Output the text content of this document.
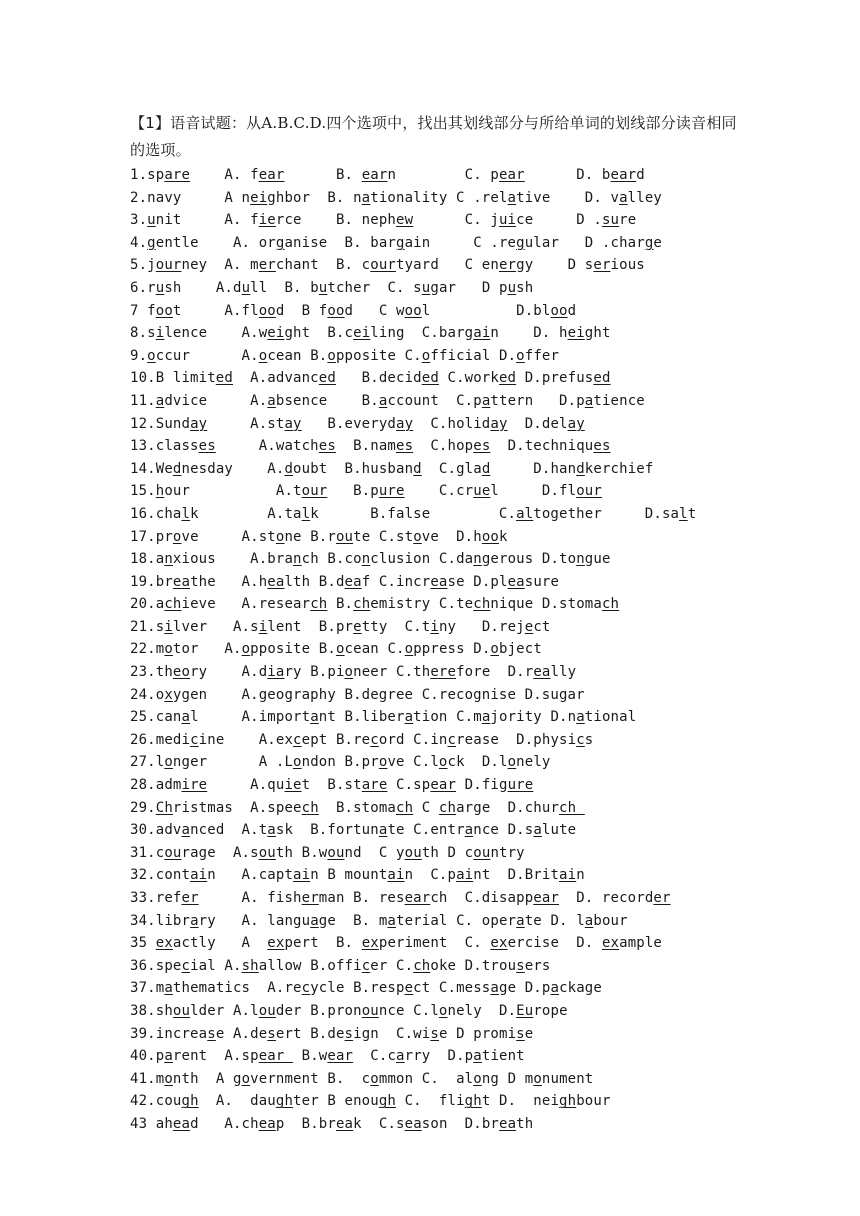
【1】语音试题：从A.B.C.D.四个选项中，找出其划线部分与所给单词的划线部分读音相同的选项。
1.spare    A. fear      B. earn        C. pear      D. beard
2.navy     A neighbor  B. nationality C .relative    D. valley
3.unit     A. fierce    B. nephew      C. juice     D .sure
4.gentle    A. organise  B. bargain     C .regular   D .charge
5.journey  A. merchant  B. courtyard   C energy    D serious
6.rush    A.dull  B. butcher  C. sugar   D push
7 foot     A.flood  B food   C wool          D.blood
8.silence    A.weight  B.ceiling  C.bargain    D. height
9.occur      A.ocean B.opposite C.official D.offer
10.B limited  A.advanced   B.decided C.worked D.prefused
11.advice     A.absence    B.account  C.pattern   D.patience
12.Sunday     A.stay   B.everyday  C.holiday  D.delay
13.classes     A.watches  B.names  C.hopes  D.techniques
14.Wednesday    A.doubt  B.husband  C.glad     D.handkerchief
15.hour          A.tour   B.pure    C.cruel     D.flour
16.chalk        A.talk      B.false        C.altogether     D.salt
17.prove     A.stone B.route C.stove  D.hook
18.anxious    A.branch B.conclusion C.dangerous D.tongue
19.breathe   A.health B.deaf C.increase D.pleasure
20.achieve   A.research B.chemistry C.technique D.stomach
21.silver   A.silent  B.pretty  C.tiny   D.reject
22.motor   A.opposite B.ocean C.oppress D.object
23.theory    A.diary B.pioneer C.therefore  D.really
24.oxygen    A.geography B.degree C.recognise D.sugar
25.canal     A.important B.liberation C.majority D.national
26.medicine    A.except B.record C.increase  D.physics
27.longer      A .London B.prove C.lock  D.lonely
28.admire     A.quiet  B.stare C.spear D.figure
29.Christmas  A.speech  B.stomach C charge  D.church
30.advanced  A.task  B.fortunate C.entrance D.salute
31.courage  A.south B.wound  C youth D country
32.contain   A.captain B mountain  C.paint  D.Britain
33.refer     A. fisherman B. research  C.disappear  D. recorder
34.library   A. language  B. material C. operate D. labour
35 exactly   A  expert  B. experiment  C. exercise  D. example
36.special A.shallow B.officer C.choke D.trousers
37.mathematics  A.recycle B.respect C.message D.package
38.shoulder A.louder B.pronounce C.lonely  D.Europe
39.increase A.desert B.design  C.wise D promise
40.parent  A.spear  B.wear  C.carry  D.patient
41.month  A government B.  common C.  along D monument
42.cough  A.  daughter B enough C.  flight D.  neighbour
43 ahead   A.cheap  B.break  C.season  D.breath
